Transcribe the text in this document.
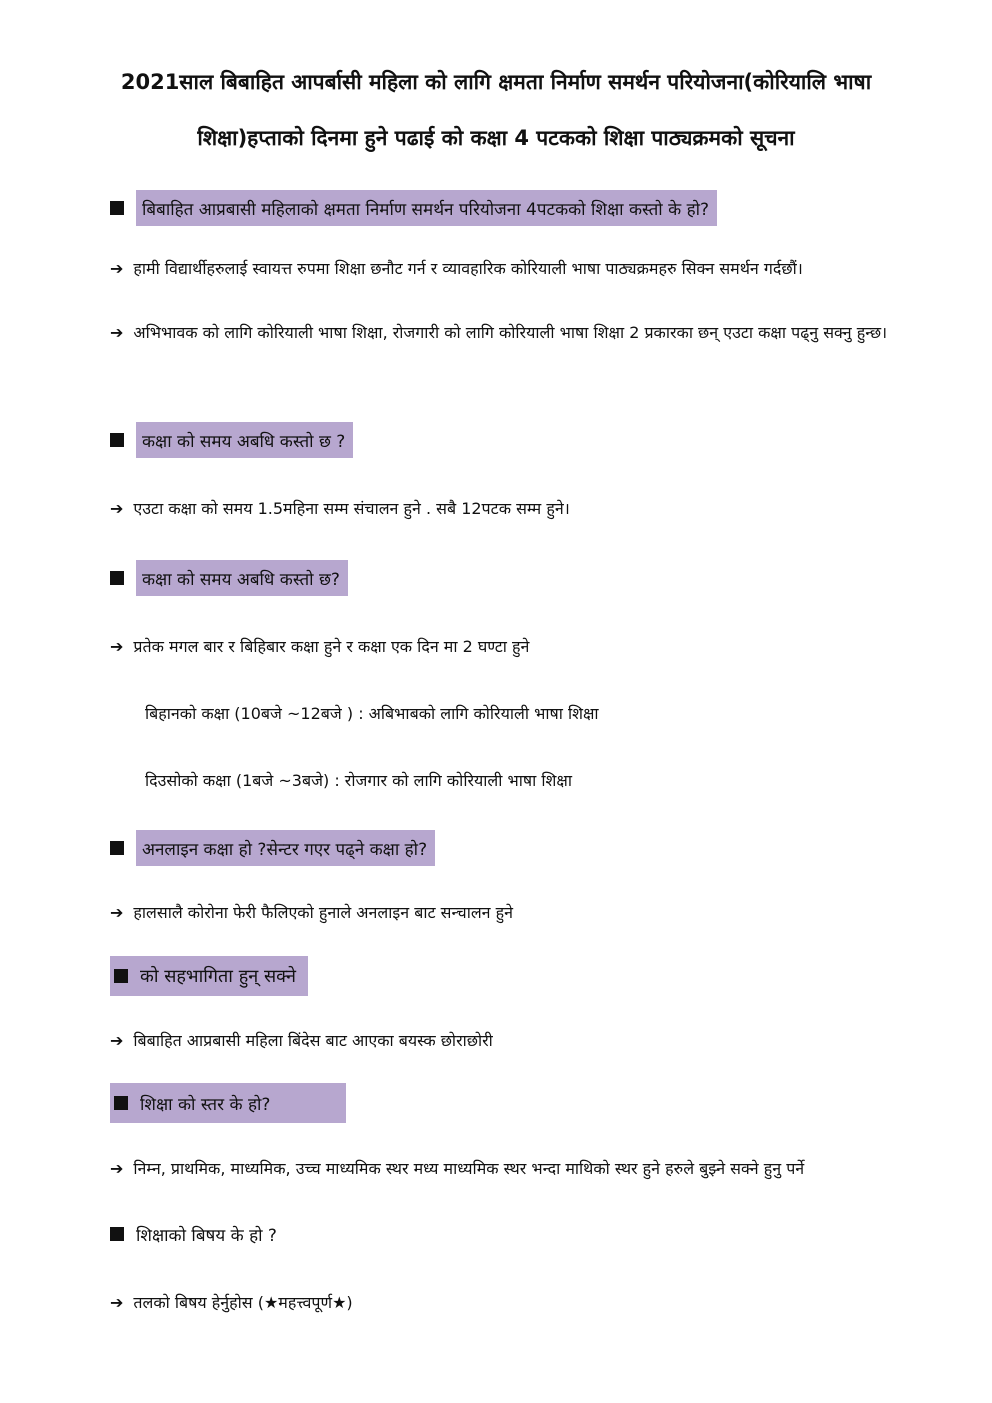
2021साल बिबाहित आपर्बासी महिला को लागि क्षमता निर्माण समर्थन परियोजना(कोरियालि भाषा
शिक्षा)हप्ताको दिनमा हुने पढाई को कक्षा 4 पटकको शिक्षा पाठ्यक्रमको सूचना
बिबाहित आप्रबासी महिलाको क्षमता निर्माण समर्थन परियोजना 4पटकको शिक्षा कस्तो के हो?
➔ हामी विद्यार्थीहरुलाई स्वायत्त रुपमा शिक्षा छनौट गर्न र व्यावहारिक कोरियाली भाषा पाठ्यक्रमहरु सिक्न समर्थन गर्दछौं।
➔ अभिभावक को लागि कोरियाली भाषा शिक्षा, रोजगारी को लागि कोरियाली भाषा शिक्षा 2 प्रकारका छन् एउटा कक्षा पढ्नु सक्नु हुन्छ।
कक्षा को समय अबधि कस्तो छ ?
➔ एउटा कक्षा को समय 1.5महिना सम्म संचालन हुने . सबै 12पटक सम्म हुने।
कक्षा को समय अबधि कस्तो छ?
➔ प्रतेक मगल बार र बिहिबार कक्षा हुने र कक्षा एक दिन मा 2 घण्टा हुने
बिहानको कक्षा (10बजे ~12बजे ) : अबिभाबको लागि कोरियाली भाषा शिक्षा
दिउसोको कक्षा (1बजे ~3बजे) : रोजगार को लागि कोरियाली भाषा शिक्षा
अनलाइन कक्षा हो ?सेन्टर गएर पढ्ने कक्षा हो?
➔ हालसालै कोरोना फेरी फैलिएको हुनाले अनलाइन बाट सन्चालन हुने
को सहभागिता हुन् सक्ने
➔ बिबाहित आप्रबासी महिला बिंदेस बाट आएका बयस्क छोराछोरी
शिक्षा को स्तर के हो?
➔ निम्न, प्राथमिक, माध्यमिक, उच्च माध्यमिक स्थर मध्य माध्यमिक स्थर भन्दा माथिको स्थर हुने हरुले बुझ्ने सक्ने हुनु पर्ने
शिक्षाको बिषय के हो ?
➔ तलको बिषय हेर्नुहोस (★महत्त्वपूर्ण★)
